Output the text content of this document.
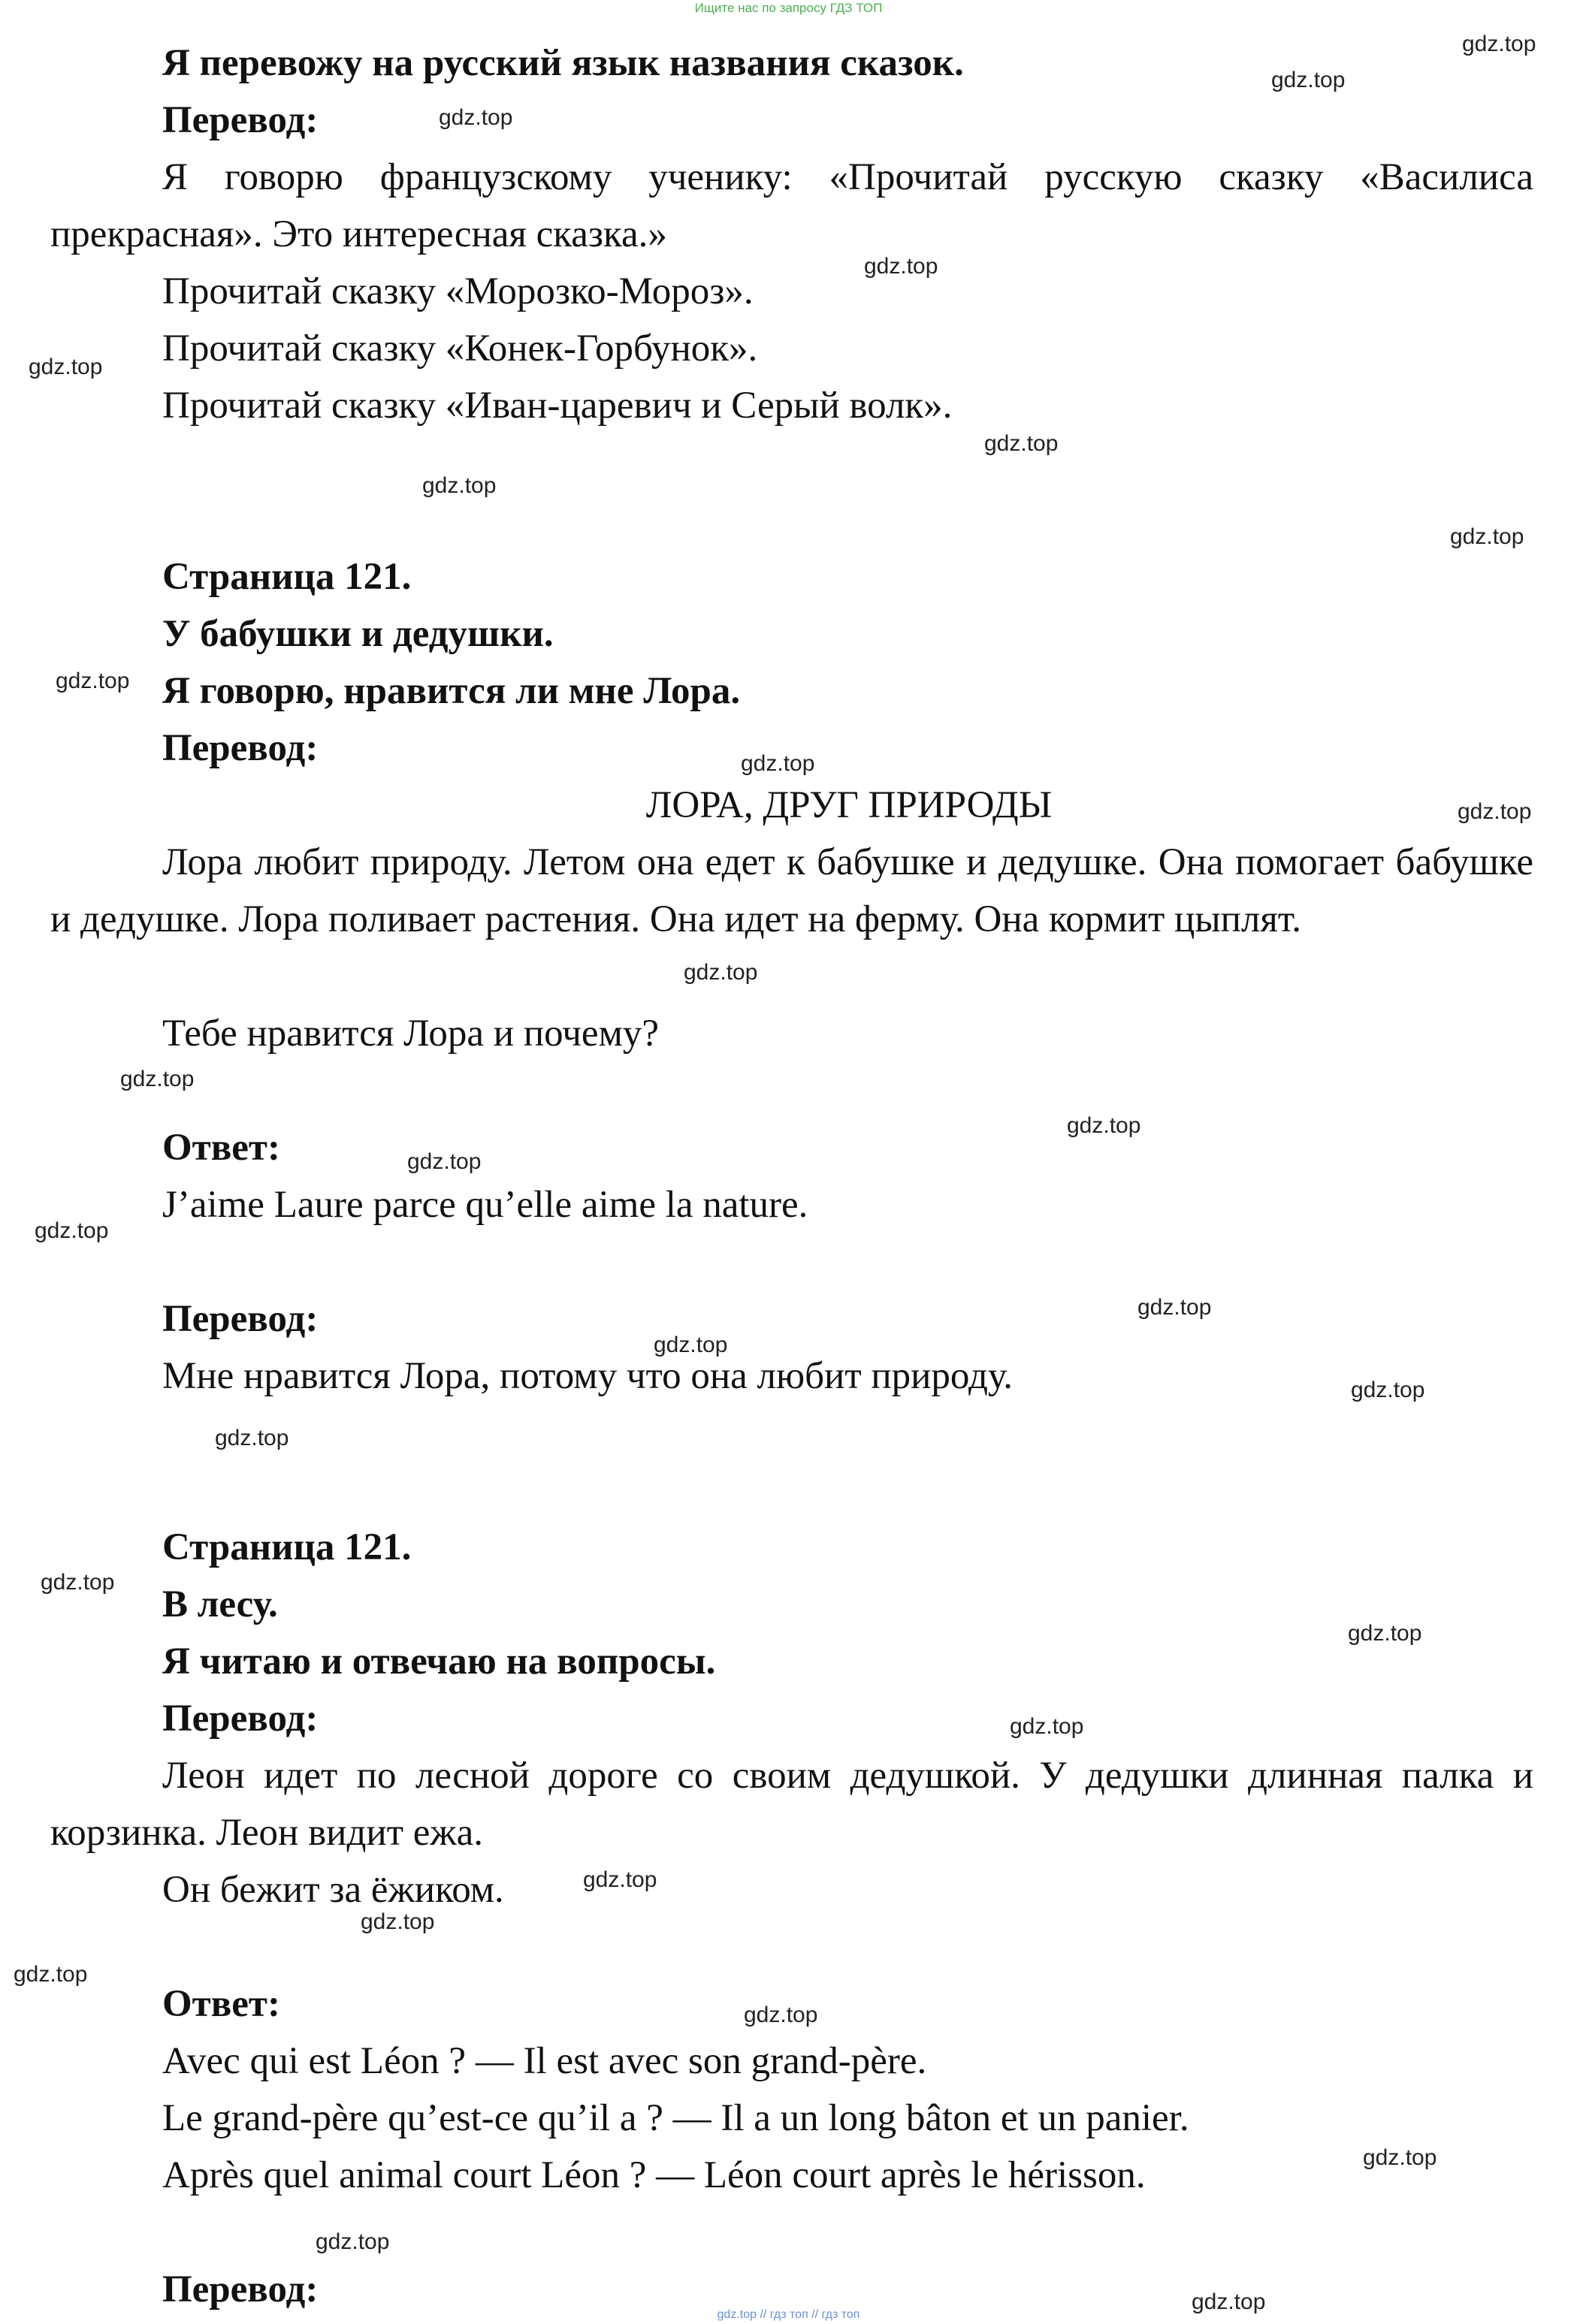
Ищите нас по запросу ГДЗ ТОП
Я перевожу на русский язык названия сказок.
Перевод:
Я говорю французскому ученику: «Прочитай русскую сказку «Василиса прекрасная». Это интересная сказка.»
Прочитай сказку «Морозко-Мороз».
Прочитай сказку «Конек-Горбунок».
Прочитай сказку «Иван-царевич и Серый волк».
Страница 121.
У бабушки и дедушки.
Я говорю, нравится ли мне Лора.
Перевод:
ЛОРА, ДРУГ ПРИРОДЫ
Лора любит природу. Летом она едет к бабушке и дедушке. Она помогает бабушке и дедушке. Лора поливает растения. Она идет на ферму. Она кормит цыплят.
Тебе нравится Лора и почему?
Ответ:
J’aime Laure parce qu’elle aime la nature.
Перевод:
Мне нравится Лора, потому что она любит природу.
Страница 121.
В лесу.
Я читаю и отвечаю на вопросы.
Перевод:
Леон идет по лесной дороге со своим дедушкой. У дедушки длинная палка и корзинка. Леон видит ежа.
Он бежит за ёжиком.
Ответ:
Avec qui est Léon ? — Il est avec son grand-père.
Le grand-père qu’est-ce qu’il a ? — Il a un long bâton et un panier.
Après quel animal court Léon ? — Léon court après le hérisson.
Перевод:
gdz.top
gdz.top
gdz.top
gdz.top
gdz.top
gdz.top
gdz.top
gdz.top
gdz.top
gdz.top
gdz.top
gdz.top
gdz.top
gdz.top
gdz.top
gdz.top
gdz.top
gdz.top
gdz.top
gdz.top
gdz.top
gdz.top
gdz.top
gdz.top
gdz.top
gdz.top
gdz.top
gdz.top
gdz.top
gdz.top
gdz.top // гдз топ // гдз топ
